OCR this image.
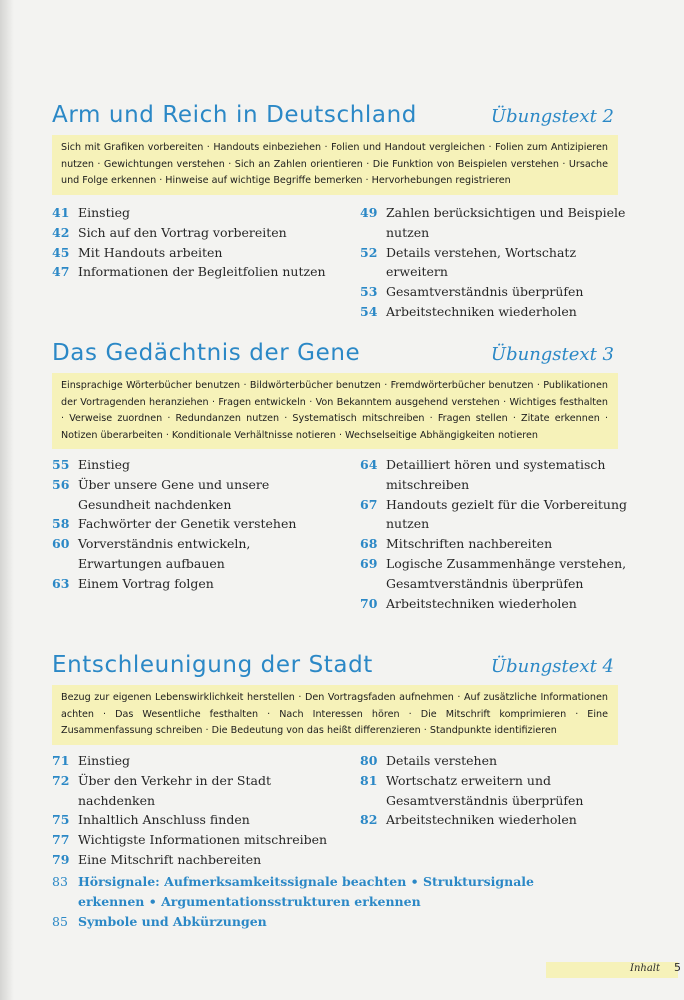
Arm und Reich in Deutschland	Übungstext 2
Sich mit Grafiken vorbereiten · Handouts einbeziehen · Folien und Handout vergleichen · Folien zum Antizipieren nutzen · Gewichtungen verstehen · Sich an Zahlen orientieren · Die Funktion von Beispielen verstehen · Ursache und Folge erkennen · Hinweise auf wichtige Begriffe bemerken · Hervorhebungen registrieren
41 Einstieg
42 Sich auf den Vortrag vorbereiten
45 Mit Handouts arbeiten
47 Informationen der Begleitfolien nutzen
49 Zahlen berücksichtigen und Beispiele nutzen
52 Details verstehen, Wortschatz erweitern
53 Gesamtverständnis überprüfen
54 Arbeitstechniken wiederholen
Das Gedächtnis der Gene	Übungstext 3
Einsprachige Wörterbücher benutzen · Bildwörterbücher benutzen · Fremdwörterbücher benutzen · Publikationen der Vortragenden heranziehen · Fragen entwickeln · Von Bekanntem ausgehend verstehen · Wichtiges festhalten · Verweise zuordnen · Redundanzen nutzen · Systematisch mitschreiben · Fragen stellen · Zitate erkennen · Notizen überarbeiten · Konditionale Verhältnisse notieren · Wechselseitige Abhängigkeiten notieren
55 Einstieg
56 Über unsere Gene und unsere Gesundheit nachdenken
58 Fachwörter der Genetik verstehen
60 Vorverständnis entwickeln, Erwartungen aufbauen
63 Einem Vortrag folgen
64 Detailliert hören und systematisch mitschreiben
67 Handouts gezielt für die Vorbereitung nutzen
68 Mitschriften nachbereiten
69 Logische Zusammenhänge verstehen, Gesamtverständnis überprüfen
70 Arbeitstechniken wiederholen
Entschleunigung der Stadt	Übungstext 4
Bezug zur eigenen Lebenswirklichkeit herstellen · Den Vortragsfaden aufnehmen · Auf zusätzliche Informationen achten · Das Wesentliche festhalten · Nach Interessen hören · Die Mitschrift komprimieren · Eine Zusammenfassung schreiben · Die Bedeutung von das heißt differenzieren · Standpunkte identifizieren
71 Einstieg
72 Über den Verkehr in der Stadt nachdenken
75 Inhaltlich Anschluss finden
77 Wichtigste Informationen mitschreiben
79 Eine Mitschrift nachbereiten
80 Details verstehen
81 Wortschatz erweitern und Gesamtverständnis überprüfen
82 Arbeitstechniken wiederholen
83 Hörsignale: Aufmerksamkeitssignale beachten • Struktursignale erkennen • Argumentationsstrukturen erkennen
85 Symbole und Abkürzungen
Inhalt 5
